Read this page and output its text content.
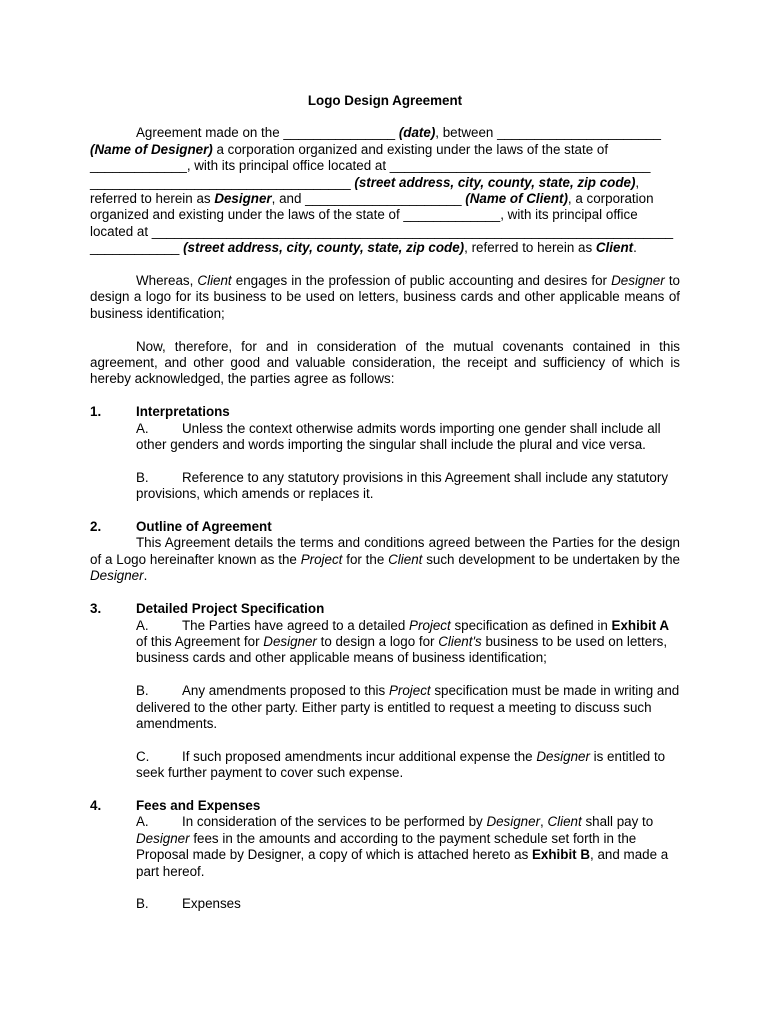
Logo Design Agreement

Agreement made on the _______________ (date), between ______________________

(Name of Designer) a corporation organized and existing under the laws of the state of

_____________, with its principal office located at ___________________________________

___________________________________ (street address, city, county, state, zip code),

referred to herein as Designer, and _____________________ (Name of Client), a corporation

organized and existing under the laws of the state of _____________, with its principal office

located at ______________________________________________________________________

____________ (street address, city, county, state, zip code), referred to herein as Client.

Whereas, Client engages in the profession of public accounting and desires for Designer to design a logo for its business to be used on letters, business cards and other applicable means of business identification;

Now, therefore, for and in consideration of the mutual covenants contained in this agreement, and other good and valuable consideration, the receipt and sufficiency of which is hereby acknowledged, the parties agree as follows:

1.	Interpretations

A. Unless the context otherwise admits words importing one gender shall include all other genders and words importing the singular shall include the plural and vice versa.

B. Reference to any statutory provisions in this Agreement shall include any statutory provisions, which amends or replaces it.

2.	Outline of Agreement

This Agreement details the terms and conditions agreed between the Parties for the design of a Logo hereinafter known as the Project for the Client such development to be undertaken by the Designer.

3.	Detailed Project Specification

A. The Parties have agreed to a detailed Project specification as defined in Exhibit A of this Agreement for Designer to design a logo for Client's business to be used on letters, business cards and other applicable means of business identification;

B. Any amendments proposed to this Project specification must be made in writing and delivered to the other party. Either party is entitled to request a meeting to discuss such amendments.

C. If such proposed amendments incur additional expense the Designer is entitled to seek further payment to cover such expense.

4.	Fees and Expenses

A. In consideration of the services to be performed by Designer, Client shall pay to Designer fees in the amounts and according to the payment schedule set forth in the Proposal made by Designer, a copy of which is attached hereto as Exhibit B, and made a part hereof.

B. Expenses
